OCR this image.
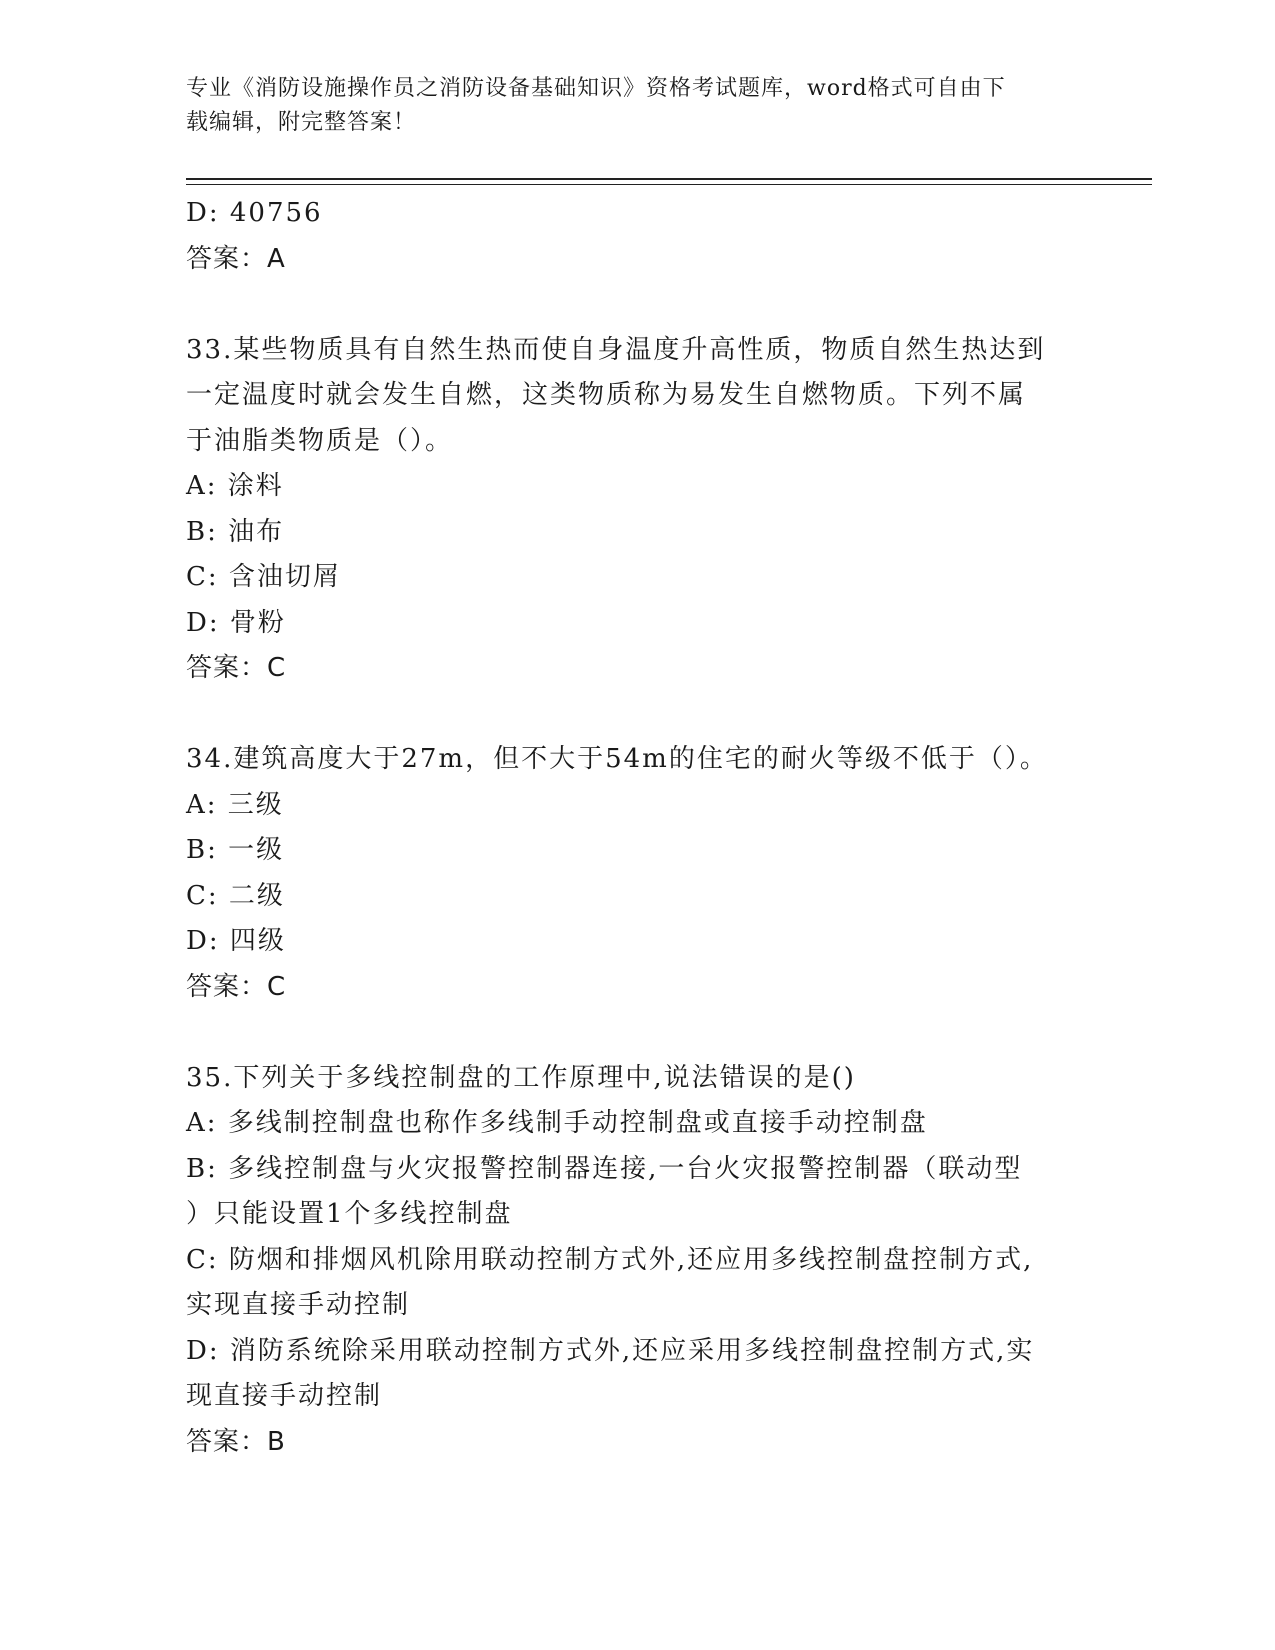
专业《消防设施操作员之消防设备基础知识》资格考试题库，word格式可自由下
载编辑，附完整答案！
D: 40756
答案：A
33.某些物质具有自然生热而使自身温度升高性质，物质自然生热达到
一定温度时就会发生自燃，这类物质称为易发生自燃物质。下列不属
于油脂类物质是（）。
A: 涂料
B: 油布
C: 含油切屑
D: 骨粉
答案：C
34.建筑高度大于27m，但不大于54m的住宅的耐火等级不低于（）。
A: 三级
B: 一级
C: 二级
D: 四级
答案：C
35.下列关于多线控制盘的工作原理中,说法错误的是()
A: 多线制控制盘也称作多线制手动控制盘或直接手动控制盘
B: 多线控制盘与火灾报警控制器连接,一台火灾报警控制器（联动型
）只能设置1个多线控制盘
C: 防烟和排烟风机除用联动控制方式外,还应用多线控制盘控制方式,
实现直接手动控制
D: 消防系统除采用联动控制方式外,还应采用多线控制盘控制方式,实
现直接手动控制
答案：B
